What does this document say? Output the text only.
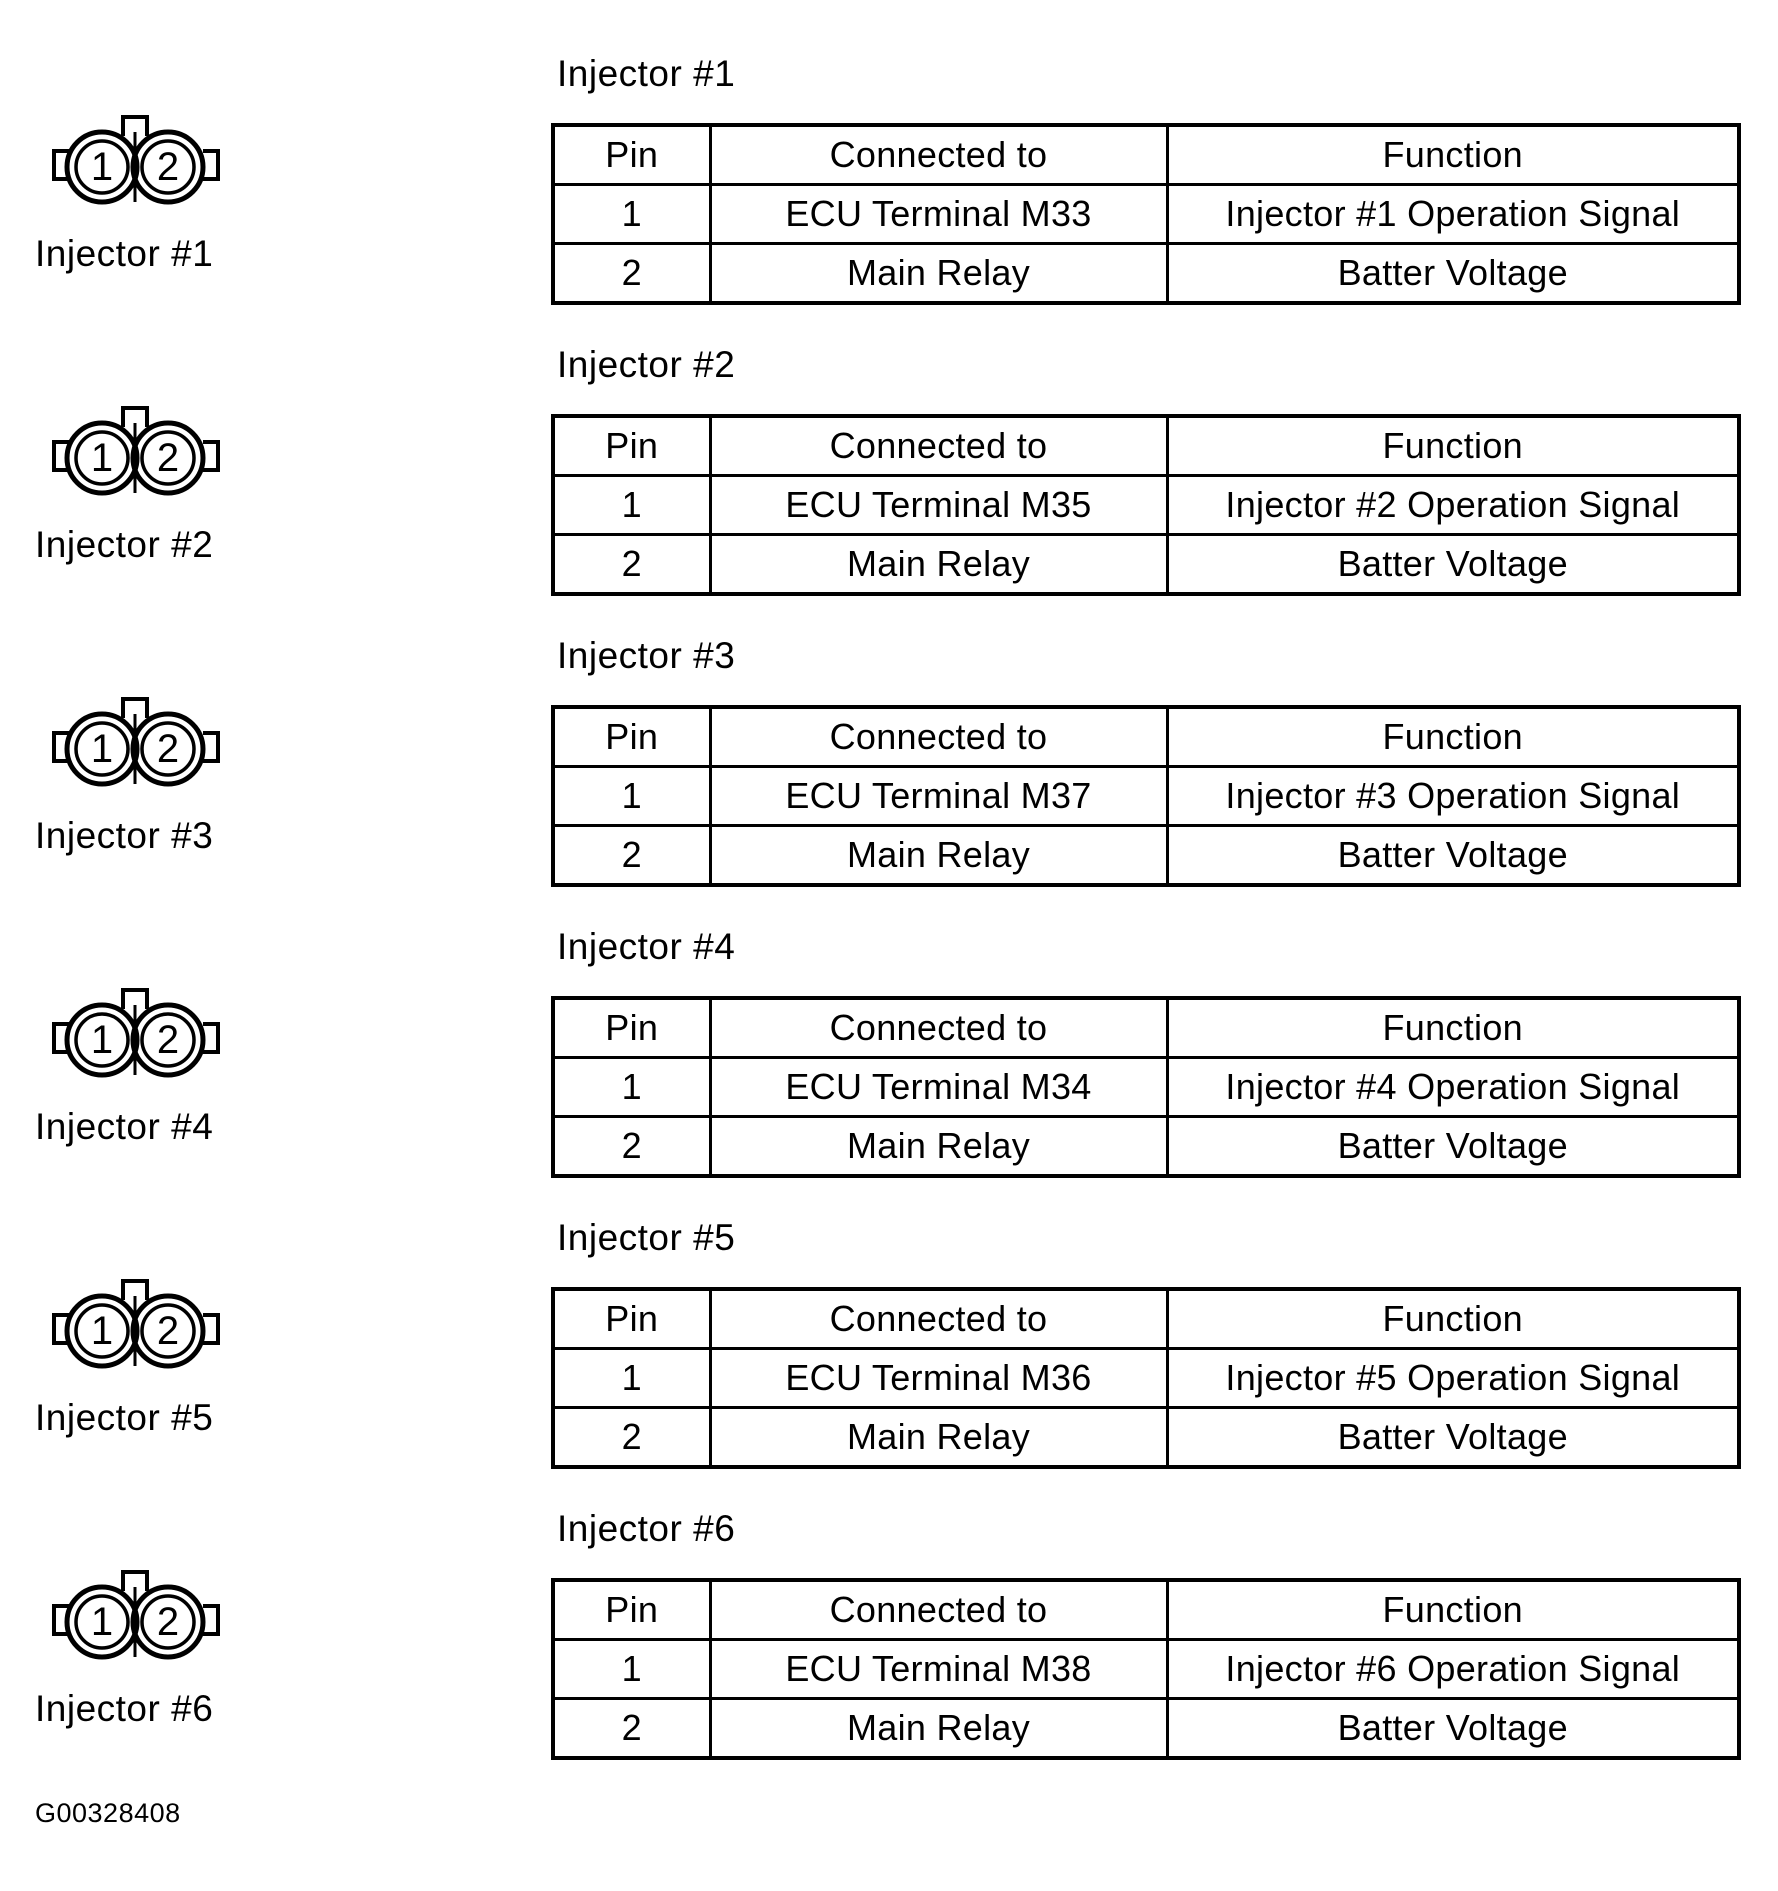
1 2
Injector #1
Injector #1
Pin	Connected to	Function
1	ECU Terminal M33	Injector #1 Operation Signal
2	Main Relay	Batter Voltage
1 2
Injector #2
Injector #2
Pin	Connected to	Function
1	ECU Terminal M35	Injector #2 Operation Signal
2	Main Relay	Batter Voltage
1 2
Injector #3
Injector #3
Pin	Connected to	Function
1	ECU Terminal M37	Injector #3 Operation Signal
2	Main Relay	Batter Voltage
1 2
Injector #4
Injector #4
Pin	Connected to	Function
1	ECU Terminal M34	Injector #4 Operation Signal
2	Main Relay	Batter Voltage
1 2
Injector #5
Injector #5
Pin	Connected to	Function
1	ECU Terminal M36	Injector #5 Operation Signal
2	Main Relay	Batter Voltage
1 2
Injector #6
Injector #6
Pin	Connected to	Function
1	ECU Terminal M38	Injector #6 Operation Signal
2	Main Relay	Batter Voltage
G00328408
